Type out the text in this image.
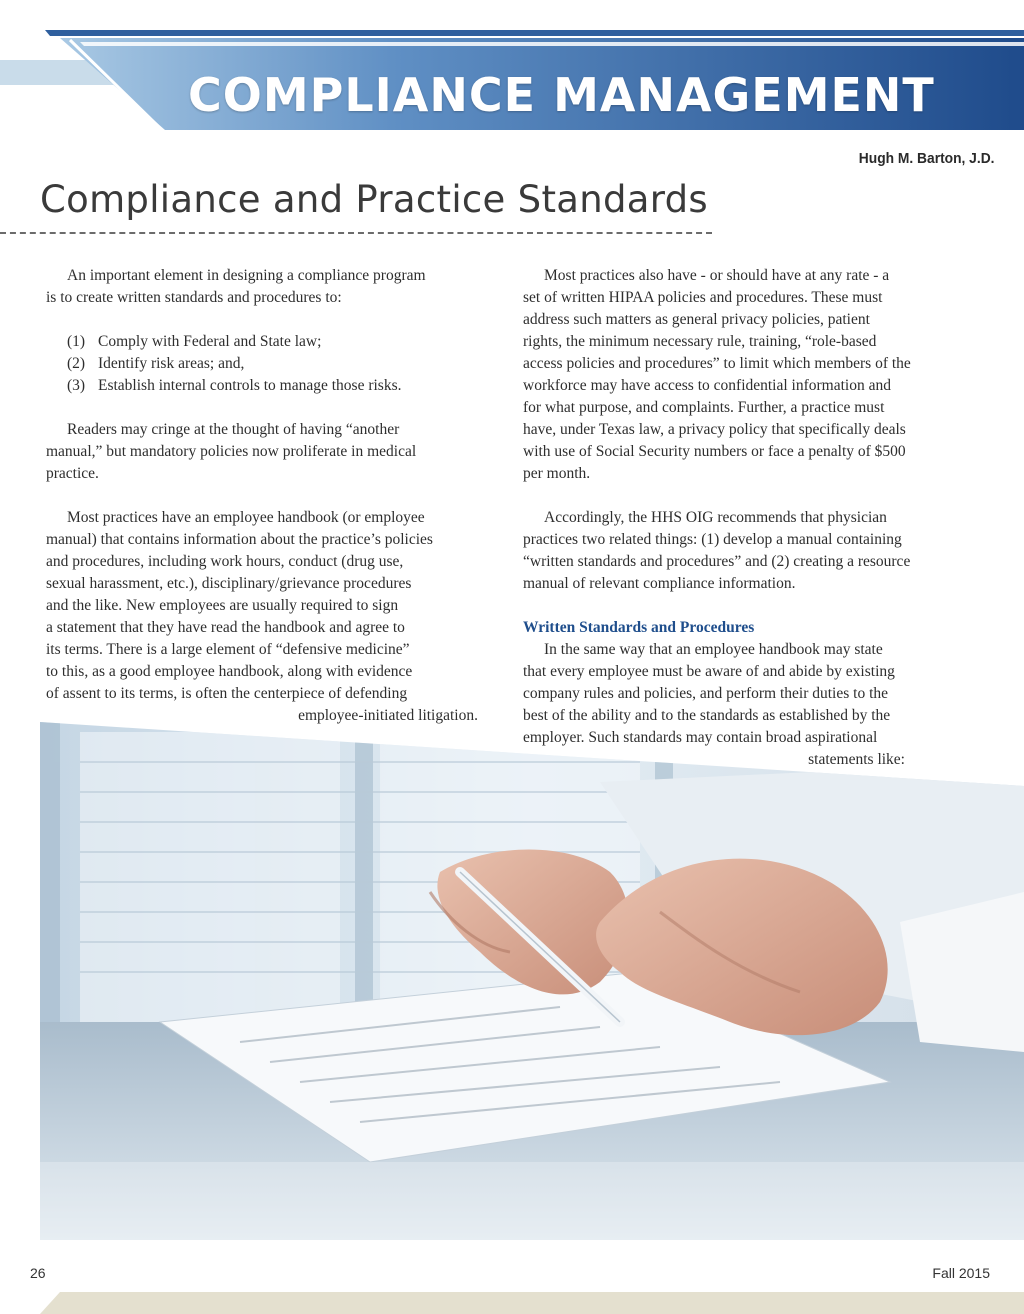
COMPLIANCE MANAGEMENT

Hugh M. Barton, J.D.

Compliance and Practice Standards

An important element in designing a compliance program

is to create written standards and procedures to:

(1) Comply with Federal and State law;

(2) Identify risk areas; and,

(3) Establish internal controls to manage those risks.

Readers may cringe at the thought of having “another

manual,” but mandatory policies now proliferate in medical

practice.

Most practices have an employee handbook (or employee

manual) that contains information about the practice’s policies

and procedures, including work hours, conduct (drug use,

sexual harassment, etc.), disciplinary/grievance procedures

and the like. New employees are usually required to sign

a statement that they have read the handbook and agree to

its terms. There is a large element of “defensive medicine”

to this, as a good employee handbook, along with evidence

of assent to its terms, is often the centerpiece of defending

employee-initiated litigation.

Most practices also have - or should have at any rate - a

set of written HIPAA policies and procedures. These must

address such matters as general privacy policies, patient

rights, the minimum necessary rule, training, “role-based

access policies and procedures” to limit which members of the

workforce may have access to confidential information and

for what purpose, and complaints. Further, a practice must

have, under Texas law, a privacy policy that specifically deals

with use of Social Security numbers or face a penalty of $500

per month.

Accordingly, the HHS OIG recommends that physician

practices two related things: (1) develop a manual containing

“written standards and procedures” and (2) creating a resource

manual of relevant compliance information.

Written Standards and Procedures

In the same way that an employee handbook may state

that every employee must be aware of and abide by existing

company rules and policies, and perform their duties to the

best of the ability and to the standards as established by the

employer. Such standards may contain broad aspirational

statements like:

26	Fall 2015
